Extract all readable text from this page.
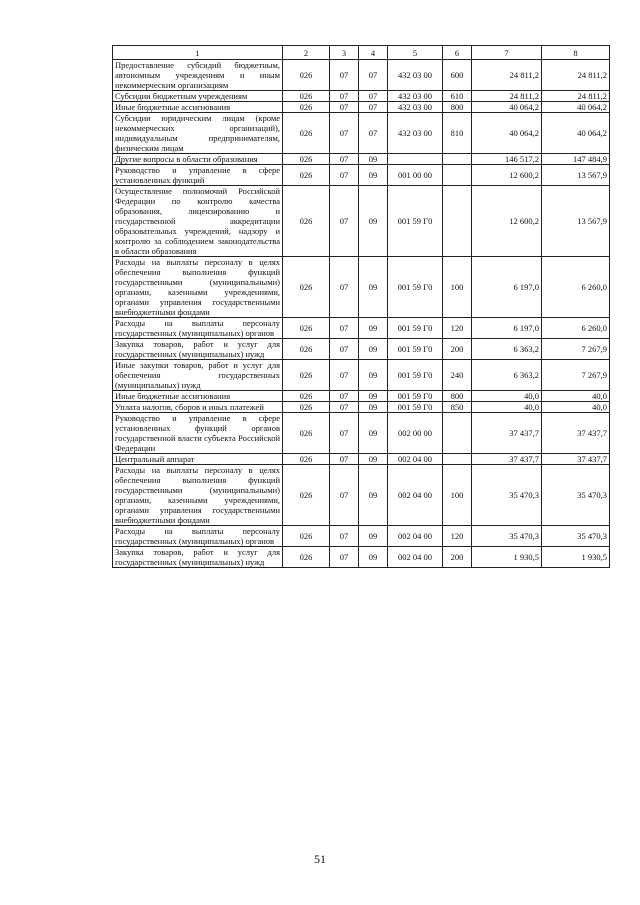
1	2	3	4	5	6	7	8
Предоставление субсидий бюджетным, автономным учреждениям и иным некоммерческим организациям	026	07	07	432 03 00	600	24 811,2	24 811,2
Субсидии бюджетным учреждениям	026	07	07	432 03 00	610	24 811,2	24 811,2
Иные бюджетные ассигнования	026	07	07	432 03 00	800	40 064,2	40 064,2
Субсидии юридическим лицам (кроме некоммерческих организаций), индивидуальным предпринимателям, физическим лицам	026	07	07	432 03 00	810	40 064,2	40 064,2
Другие вопросы в области образования	026	07	09			146 517,2	147 484,9
Руководство и управление в сфере установленных функций	026	07	09	001 00 00		12 600,2	13 567,9
Осуществление полномочий Российской Федерации по контролю качества образования, лицензированию и государственной аккредитации образовательных учреждений, надзору и контролю за соблюдением законодательства в области образования	026	07	09	001 59 Г0		12 600,2	13 567,9
Расходы на выплаты персоналу в целях обеспечения выполнения функций государственными (муниципальными) органами, казенными учреждениями, органами управления государственными внебюджетными фондами	026	07	09	001 59 Г0	100	6 197,0	6 260,0
Расходы на выплаты персоналу государственных (муниципальных) органов	026	07	09	001 59 Г0	120	6 197,0	6 260,0
Закупка товаров, работ и услуг для государственных (муниципальных) нужд	026	07	09	001 59 Г0	200	6 363,2	7 267,9
Иные закупки товаров, работ и услуг для обеспечения государственных (муниципальных) нужд	026	07	09	001 59 Г0	240	6 363,2	7 267,9
Иные бюджетные ассигнования	026	07	09	001 59 Г0	800	40,0	40,0
Уплата налогов, сборов и иных платежей	026	07	09	001 59 Г0	850	40,0	40,0
Руководство и управление в сфере установленных функций органов государственной власти субъекта Российской Федерации	026	07	09	002 00 00		37 437,7	37 437,7
Центральный аппарат	026	07	09	002 04 00		37 437,7	37 437,7
Расходы на выплаты персоналу в целях обеспечения выполнения функций государственными (муниципальными) органами, казенными учреждениями, органами управления государственными внебюджетными фондами	026	07	09	002 04 00	100	35 470,3	35 470,3
Расходы на выплаты персоналу государственных (муниципальных) органов	026	07	09	002 04 00	120	35 470,3	35 470,3
Закупка товаров, работ и услуг для государственных (муниципальных) нужд	026	07	09	002 04 00	200	1 930,5	1 930,5
51
